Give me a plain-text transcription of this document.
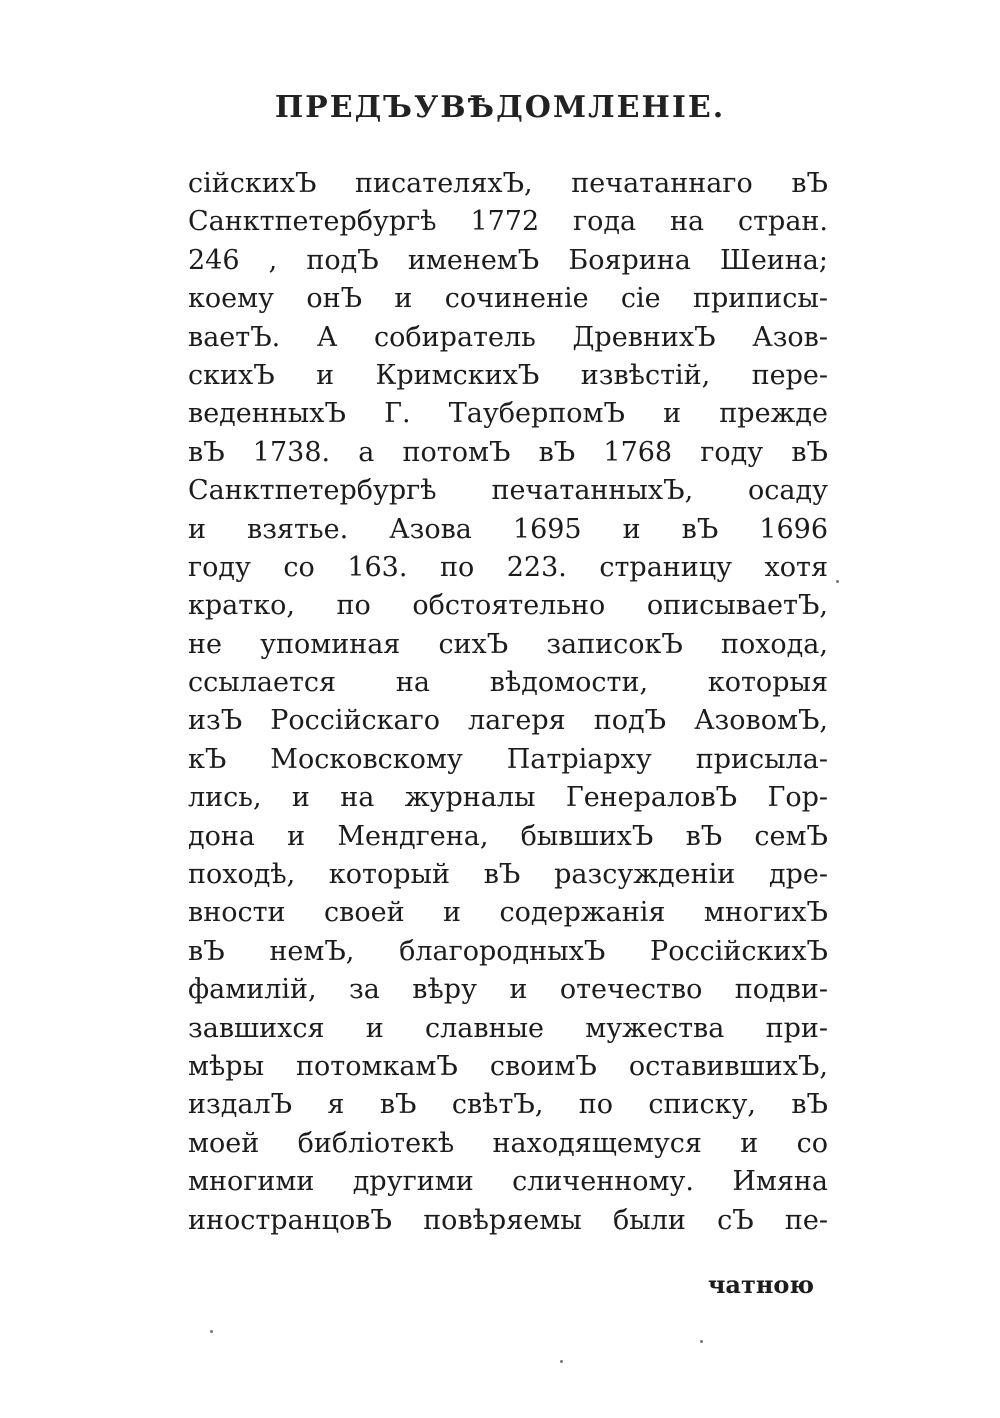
ПРЕДЪУВѢДОМЛЕНІЕ.
сійскихЪ писателяхЪ, печатаннаго вЪ
Санктпетербургѣ 1772 года на стран.
246 , подЪ именемЪ Боярина Шеина;
коему онЪ и сочиненіе сіе приписы-
ваетЪ. А собиратель ДревнихЪ Азов-
скихЪ и КримскихЪ извѣстій, пере-
веденныхЪ Г. ТауберпомЪ и прежде
вЪ 1738. а потомЪ вЪ 1768 году вЪ
Санктпетербургѣ печатанныхЪ, осаду
и взятье. Азова 1695 и вЪ 1696
году со 163. по 223. страницу хотя
кратко, по обстоятельно описываетЪ,
не упоминая сихЪ записокЪ похода,
ссылается на вѣдомости, которыя
изЪ Россійскаго лагеря подЪ АзовомЪ,
кЪ Московскому Патріарху присыла-
лись, и на журналы ГенераловЪ Гор-
дона и Мендгена, бывшихЪ вЪ семЪ
походѣ, который вЪ разсужденіи дре-
вности своей и содержанія многихЪ
вЪ немЪ, благородныхЪ РоссійскихЪ
фамилій, за вѣру и отечество подви-
завшихся и славные мужества при-
мѣры потомкамЪ своимЪ оставившихЪ,
издалЪ я вЪ свѣтЪ, по списку, вЪ
моей библіотекѣ находящемуся и со
многими другими сличенному. Имяна
иностранцовЪ повѣряемы были сЪ пе-
чатною
